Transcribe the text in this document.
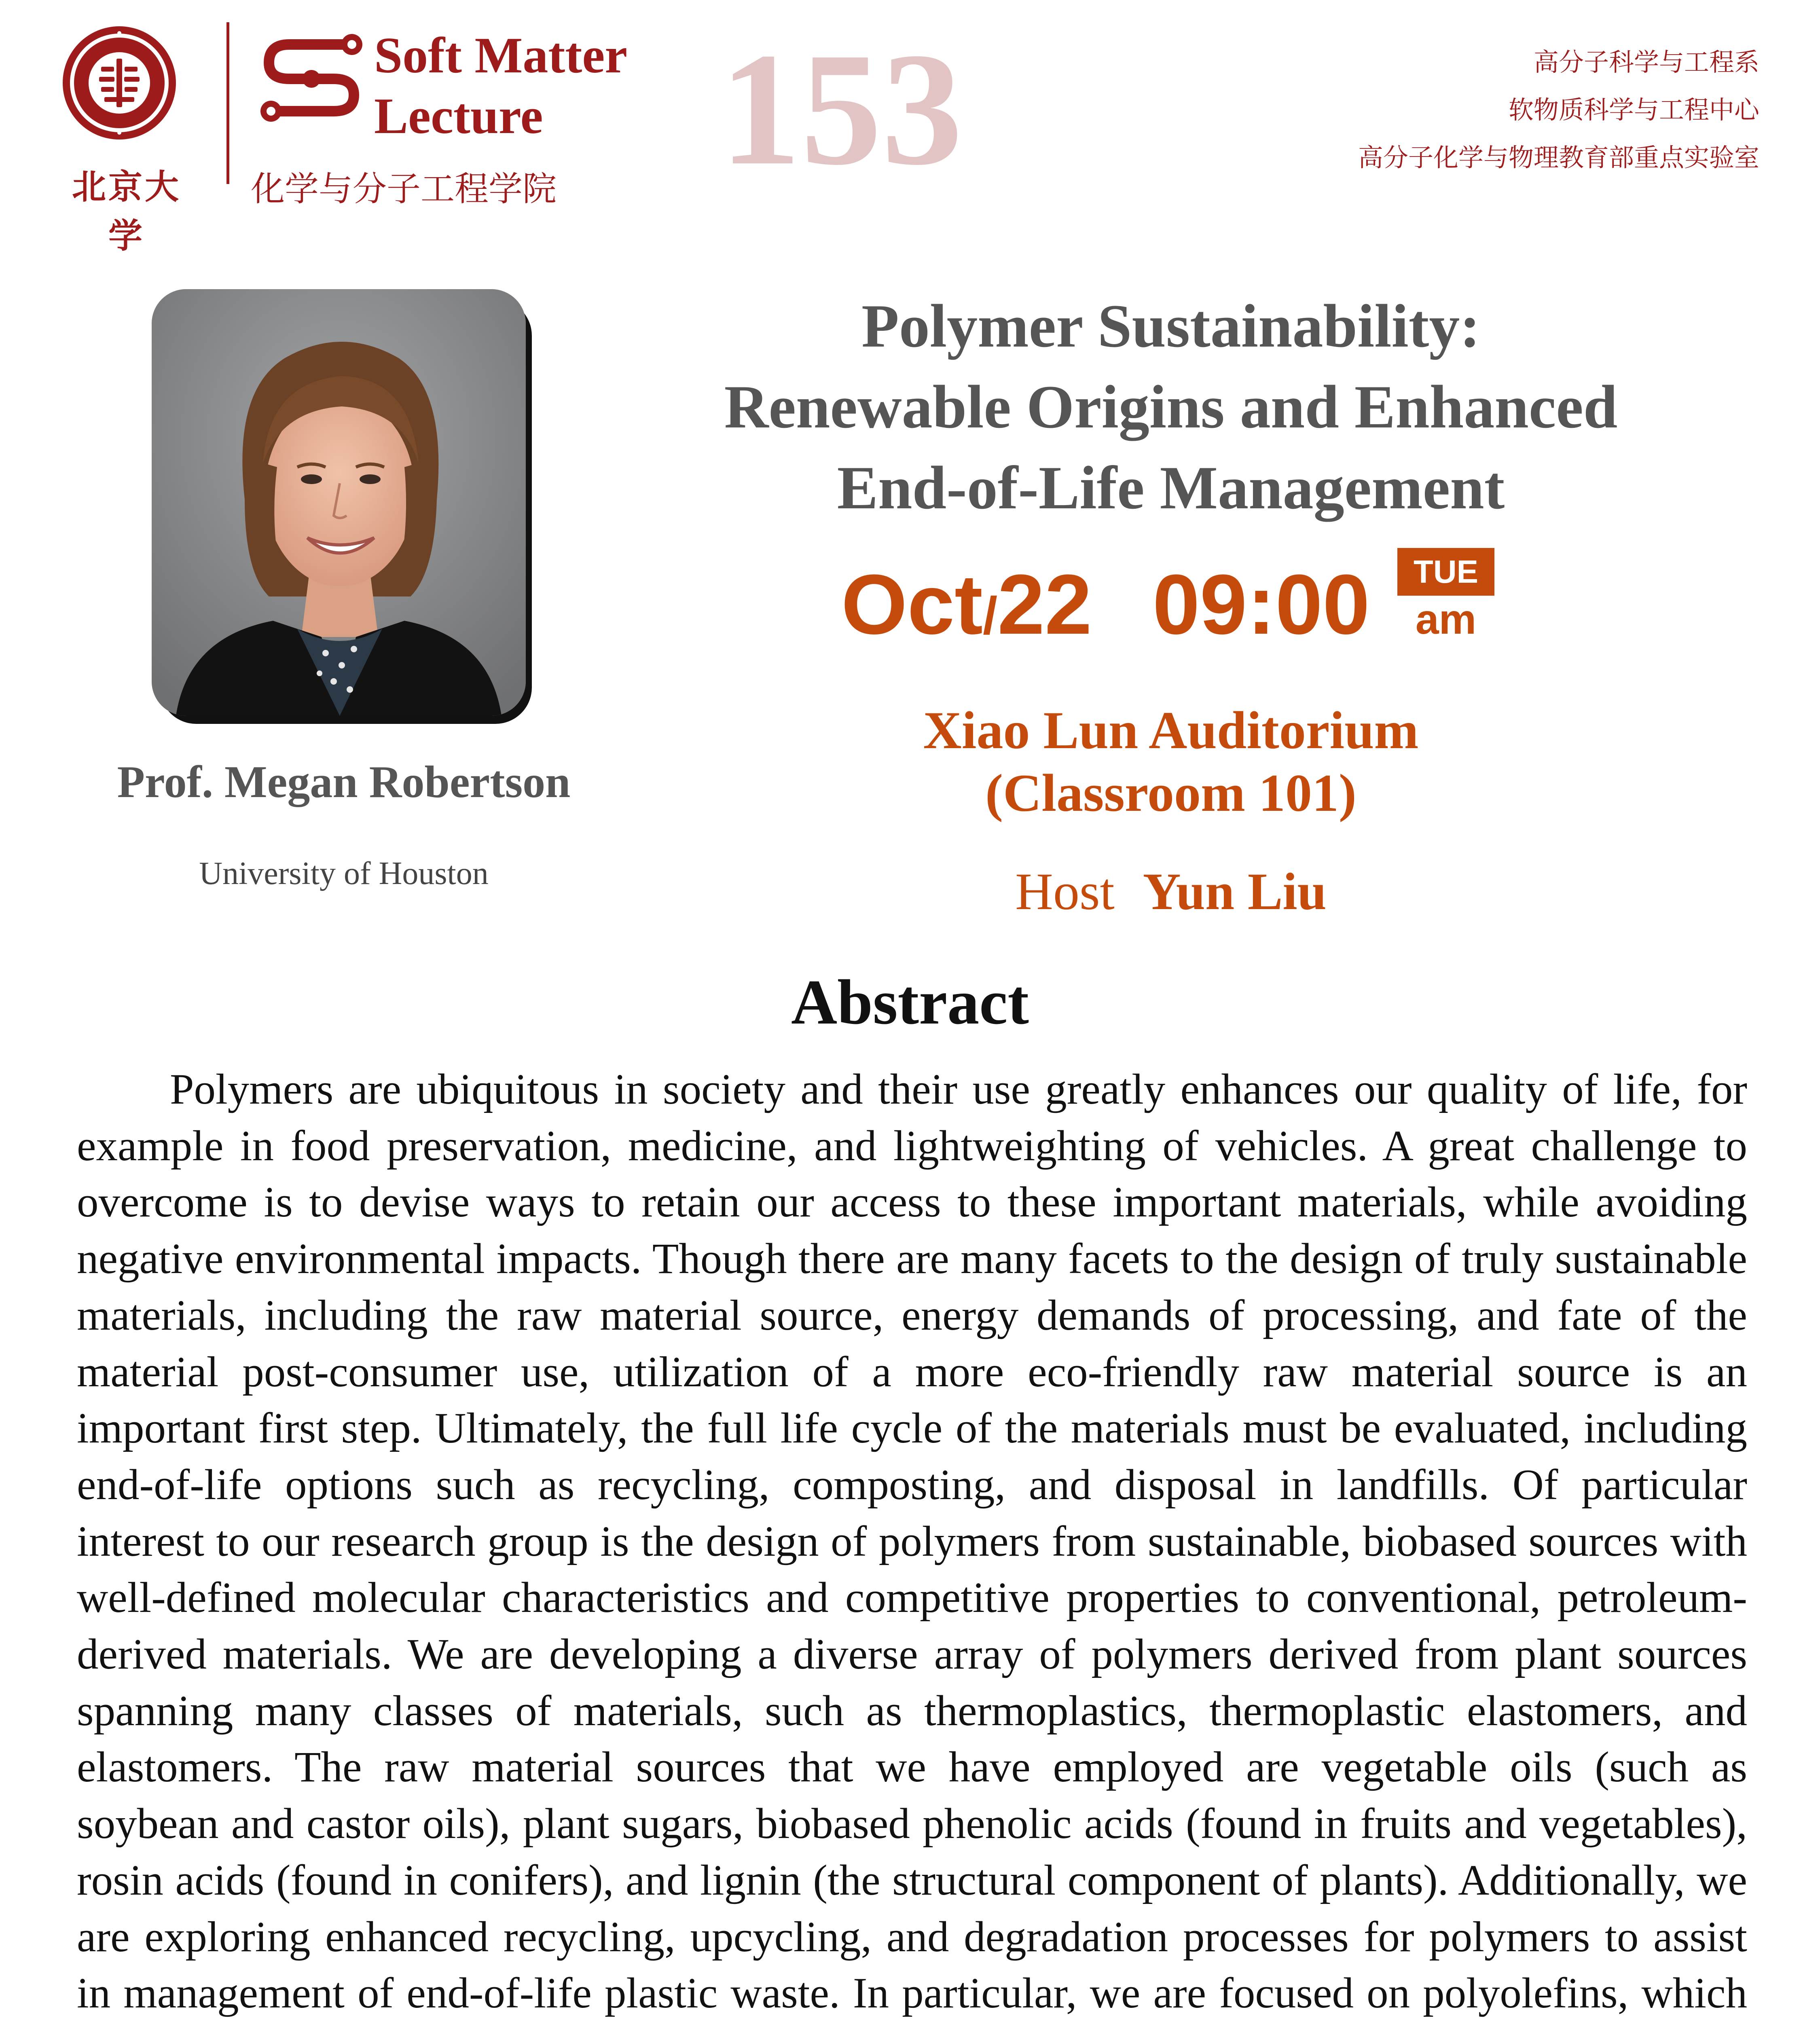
北京大学
Soft Matter
Lecture
化学与分子工程学院 153	高分子科学与工程系
软物质科学与工程中心
高分子化学与物理教育部重点实验室
Prof. Megan Robertson
University of Houston
Polymer Sustainability:
Renewable Origins and Enhanced
End-of-Life Management
Oct/22 09:00	TUE
am
Xiao Lun Auditorium
(Classroom 101)
Host Yun Liu
Abstract

Polymers are ubiquitous in society and their use greatly enhances our quality of life, for example in food preservation, medicine, and lightweighting of vehicles. A great challenge to overcome is to devise ways to retain our access to these important materials, while avoiding negative environmental impacts. Though there are many facets to the design of truly sustainable materials, including the raw material source, energy demands of processing, and fate of the material post-consumer use, utilization of a more eco-friendly raw material source is an important first step. Ultimately, the full life cycle of the materials must be evaluated, including end-of-life options such as recycling, composting, and disposal in landfills. Of particular interest to our research group is the design of polymers from sustainable, biobased sources with well-defined molecular characteristics and competitive properties to conventional, petroleum-derived materials. We are developing a diverse array of polymers derived from plant sources spanning many classes of materials, such as thermoplastics, thermoplastic elastomers, and elastomers. The raw material sources that we have employed are vegetable oils (such as soybean and castor oils), plant sugars, biobased phenolic acids (found in fruits and vegetables), rosin acids (found in conifers), and lignin (the structural component of plants). Additionally, we are exploring enhanced recycling, upcycling, and degradation processes for polymers to assist in management of end-of-life plastic waste. In particular, we are focused on polyolefins, which
